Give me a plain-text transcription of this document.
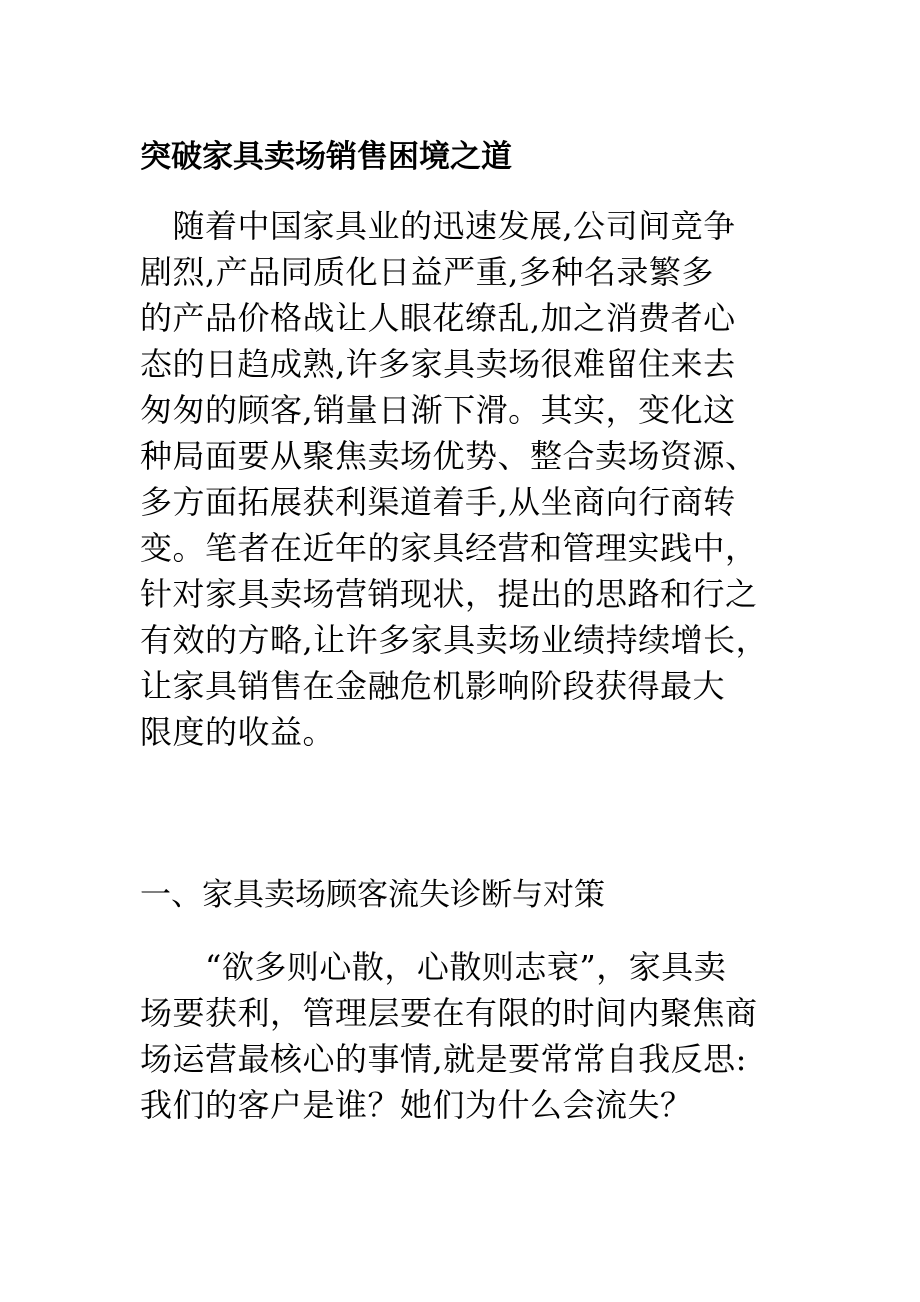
突破家具卖场销售困境之道
　随着中国家具业的迅速发展,公司间竞争
剧烈,产品同质化日益严重,多种名录繁多
的产品价格战让人眼花缭乱,加之消费者心
态的日趋成熟,许多家具卖场很难留住来去
匆匆的顾客,销量日渐下滑。其实，变化这
种局面要从聚焦卖场优势、整合卖场资源、
多方面拓展获利渠道着手,从坐商向行商转
变。笔者在近年的家具经营和管理实践中，
针对家具卖场营销现状，提出的思路和行之
有效的方略,让许多家具卖场业绩持续增长，
让家具销售在金融危机影响阶段获得最大
限度的收益。
一、家具卖场顾客流失诊断与对策
　　“欲多则心散，心散则志衰”，家具卖
场要获利，管理层要在有限的时间内聚焦商
场运营最核心的事情,就是要常常自我反思:
我们的客户是谁？她们为什么会流失？
